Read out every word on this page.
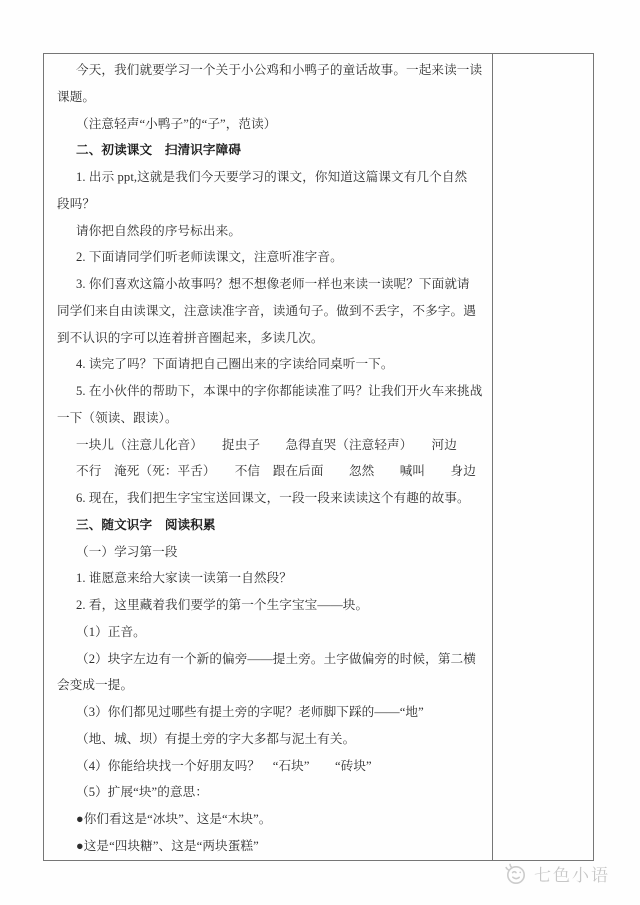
今天，我们就要学习一个关于小公鸡和小鸭子的童话故事。一起来读一读
课题。
（注意轻声“小鸭子”的“子”，范读）
二、初读课文　扫清识字障碍
1. 出示 ppt,这就是我们今天要学习的课文，你知道这篇课文有几个自然
段吗？
请你把自然段的序号标出来。
2. 下面请同学们听老师读课文，注意听准字音。
3. 你们喜欢这篇小故事吗？想不想像老师一样也来读一读呢？下面就请
同学们来自由读课文，注意读准字音，读通句子。做到不丢字，不多字。遇
到不认识的字可以连着拼音圈起来，多读几次。
4. 读完了吗？下面请把自己圈出来的字读给同桌听一下。
5. 在小伙伴的帮助下，本课中的字你都能读准了吗？让我们开火车来挑战
一下（领读、跟读）。
一块儿（注意儿化音）　　捉虫子　　急得直哭（注意轻声）　　河边
不行　淹死（死：平舌）　　不信　跟在后面　　忽然　　喊叫　　身边
6. 现在，我们把生字宝宝送回课文，一段一段来读读这个有趣的故事。
三、随文识字　阅读积累
（一）学习第一段
1. 谁愿意来给大家读一读第一自然段？
2. 看，这里藏着我们要学的第一个生字宝宝——块。
（1）正音。
（2）块字左边有一个新的偏旁——提土旁。土字做偏旁的时候，第二横
会变成一提。
（3）你们都见过哪些有提土旁的字呢？老师脚下踩的——“地”
（地、城、坝）有提土旁的字大多都与泥土有关。
（4）你能给块找一个好朋友吗？　“石块”　　“砖块”
（5）扩展“块”的意思：
●你们看这是“冰块”、这是“木块”。
●这是“四块糖”、这是“两块蛋糕”
七色小语
